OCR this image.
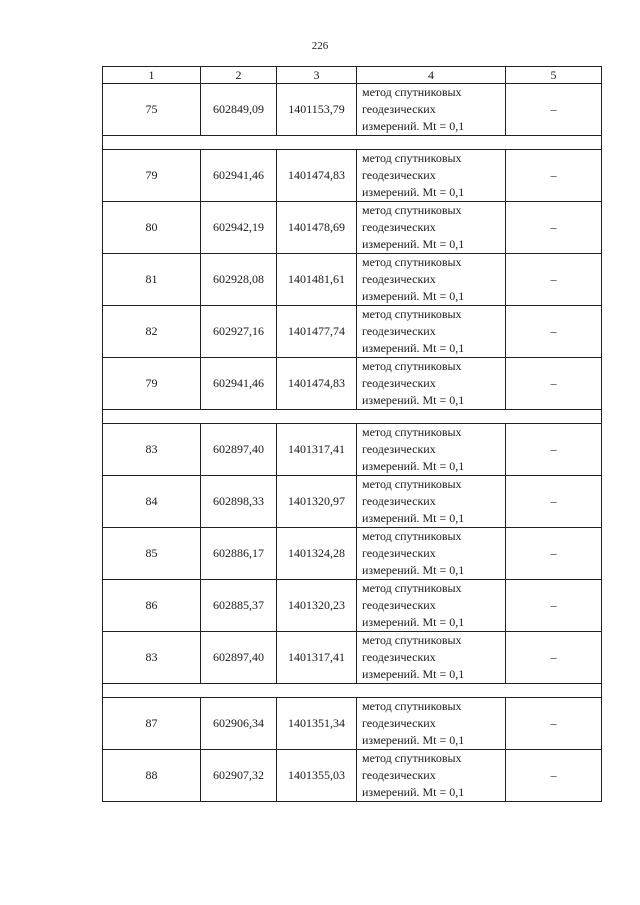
226
1	2	3	4	5
75	602849,09	1401153,79	метод спутниковых
геодезических
измерений. Mt = 0,1	–

79	602941,46	1401474,83	метод спутниковых
геодезических
измерений. Mt = 0,1	–
80	602942,19	1401478,69	метод спутниковых
геодезических
измерений. Mt = 0,1	–
81	602928,08	1401481,61	метод спутниковых
геодезических
измерений. Mt = 0,1	–
82	602927,16	1401477,74	метод спутниковых
геодезических
измерений. Mt = 0,1	–
79	602941,46	1401474,83	метод спутниковых
геодезических
измерений. Mt = 0,1	–

83	602897,40	1401317,41	метод спутниковых
геодезических
измерений. Mt = 0,1	–
84	602898,33	1401320,97	метод спутниковых
геодезических
измерений. Mt = 0,1	–
85	602886,17	1401324,28	метод спутниковых
геодезических
измерений. Mt = 0,1	–
86	602885,37	1401320,23	метод спутниковых
геодезических
измерений. Mt = 0,1	–
83	602897,40	1401317,41	метод спутниковых
геодезических
измерений. Mt = 0,1	–

87	602906,34	1401351,34	метод спутниковых
геодезических
измерений. Mt = 0,1	–
88	602907,32	1401355,03	метод спутниковых
геодезических
измерений. Mt = 0,1	–
